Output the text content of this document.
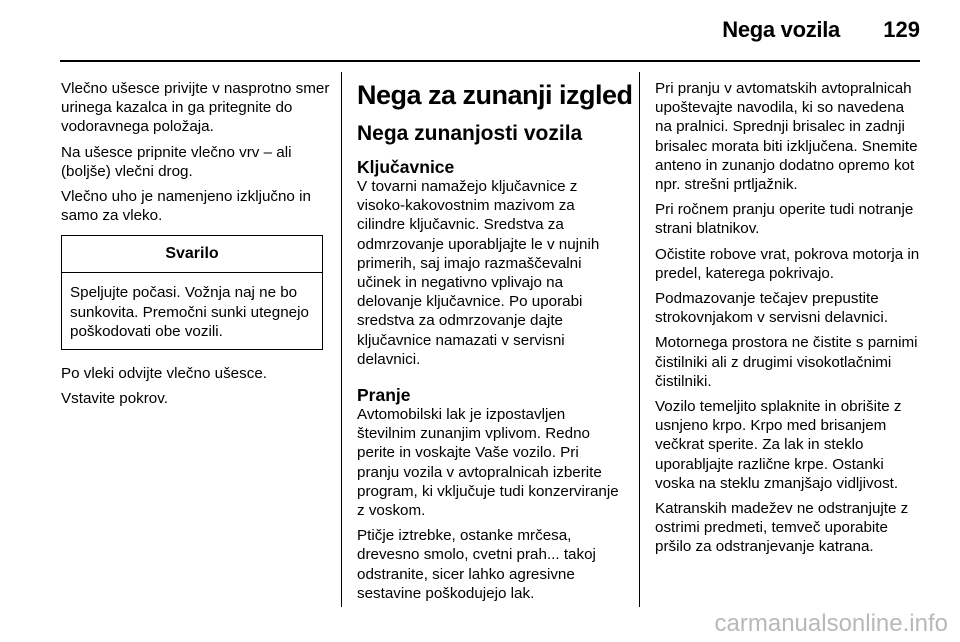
Nega vozila 129

Vlečno ušesce privijte v nasprotno smer urinega kazalca in ga pritegnite do vodoravnega položaja.

Na ušesce pripnite vlečno vrv – ali (boljše) vlečni drog.

Vlečno uho je namenjeno izključno in samo za vleko.

Svarilo
Speljujte počasi. Vožnja naj ne bo sunkovita. Premočni sunki utegnejo poškodovati obe vozili.

Po vleki odvijte vlečno ušesce.

Vstavite pokrov.

Nega za zunanji izgled
Nega zunanjosti vozila
Ključavnice

V tovarni namažejo ključavnice z visoko-kakovostnim mazivom za cilindre ključavnic. Sredstva za odmrzovanje uporabljajte le v nujnih primerih, saj imajo razmaščevalni učinek in negativno vplivajo na delovanje ključavnice. Po uporabi sredstva za odmrzovanje dajte ključavnice namazati v servisni delavnici.

Pranje

Avtomobilski lak je izpostavljen številnim zunanjim vplivom. Redno perite in voskajte Vaše vozilo. Pri pranju vozila v avtopralnicah izberite program, ki vključuje tudi konzerviranje z voskom.

Ptičje iztrebke, ostanke mrčesa, drevesno smolo, cvetni prah... takoj odstranite, sicer lahko agresivne sestavine poškodujejo lak.

Pri pranju v avtomatskih avtopralnicah upoštevajte navodila, ki so navedena na pralnici. Sprednji brisalec in zadnji brisalec morata biti izključena. Snemite anteno in zunanjo dodatno opremo kot npr. strešni prtljažnik.

Pri ročnem pranju operite tudi notranje strani blatnikov.

Očistite robove vrat, pokrova motorja in predel, katerega pokrivajo.

Podmazovanje tečajev prepustite strokovnjakom v servisni delavnici.

Motornega prostora ne čistite s parnimi čistilniki ali z drugimi visokotlačnimi čistilniki.

Vozilo temeljito splaknite in obrišite z usnjeno krpo. Krpo med brisanjem večkrat sperite. Za lak in steklo uporabljajte različne krpe. Ostanki voska na steklu zmanjšajo vidljivost.

Katranskih madežev ne odstranjujte z ostrimi predmeti, temveč uporabite pršilo za odstranjevanje katrana.

carmanualsonline.info
